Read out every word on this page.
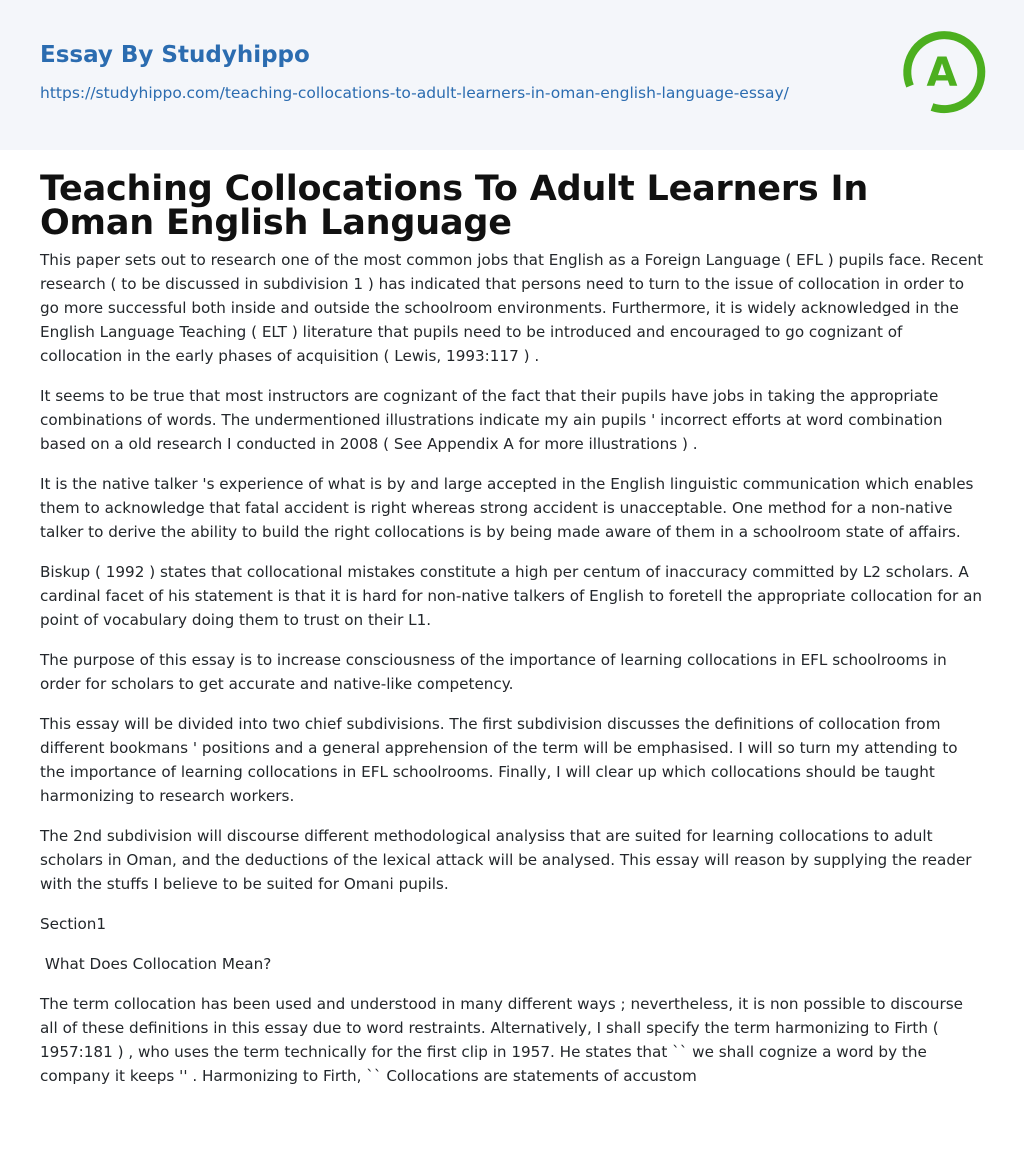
Essay By Studyhippo
https://studyhippo.com/teaching-collocations-to-adult-learners-in-oman-english-language-essay/	A
Teaching Collocations To Adult Learners In Oman English Language

This paper sets out to research one of the most common jobs that English as a Foreign Language ( EFL ) pupils face. Recent research ( to be discussed in subdivision 1 ) has indicated that persons need to turn to the issue of collocation in order to go more successful both inside and outside the schoolroom environments. Furthermore, it is widely acknowledged in the English Language Teaching ( ELT ) literature that pupils need to be introduced and encouraged to go cognizant of collocation in the early phases of acquisition ( Lewis, 1993:117 ) .

It seems to be true that most instructors are cognizant of the fact that their pupils have jobs in taking the appropriate combinations of words. The undermentioned illustrations indicate my ain pupils ' incorrect efforts at word combination based on a old research I conducted in 2008 ( See Appendix A for more illustrations ) .

It is the native talker 's experience of what is by and large accepted in the English linguistic communication which enables them to acknowledge that fatal accident is right whereas strong accident is unacceptable. One method for a non-native talker to derive the ability to build the right collocations is by being made aware of them in a schoolroom state of affairs.

Biskup ( 1992 ) states that collocational mistakes constitute a high per centum of inaccuracy committed by L2 scholars. A cardinal facet of his statement is that it is hard for non-native talkers of English to foretell the appropriate collocation for an point of vocabulary doing them to trust on their L1.

The purpose of this essay is to increase consciousness of the importance of learning collocations in EFL schoolrooms in order for scholars to get accurate and native-like competency.

This essay will be divided into two chief subdivisions. The first subdivision discusses the definitions of collocation from different bookmans ' positions and a general apprehension of the term will be emphasised. I will so turn my attending to the importance of learning collocations in EFL schoolrooms. Finally, I will clear up which collocations should be taught harmonizing to research workers.

The 2nd subdivision will discourse different methodological analysiss that are suited for learning collocations to adult scholars in Oman, and the deductions of the lexical attack will be analysed. This essay will reason by supplying the reader with the stuffs I believe to be suited for Omani pupils.

Section1

What Does Collocation Mean?

The term collocation has been used and understood in many different ways ; nevertheless, it is non possible to discourse all of these definitions in this essay due to word restraints. Alternatively, I shall specify the term harmonizing to Firth ( 1957:181 ) , who uses the term technically for the first clip in 1957. He states that `` we shall cognize a word by the company it keeps '' . Harmonizing to Firth, `` Collocations are statements of accustom
